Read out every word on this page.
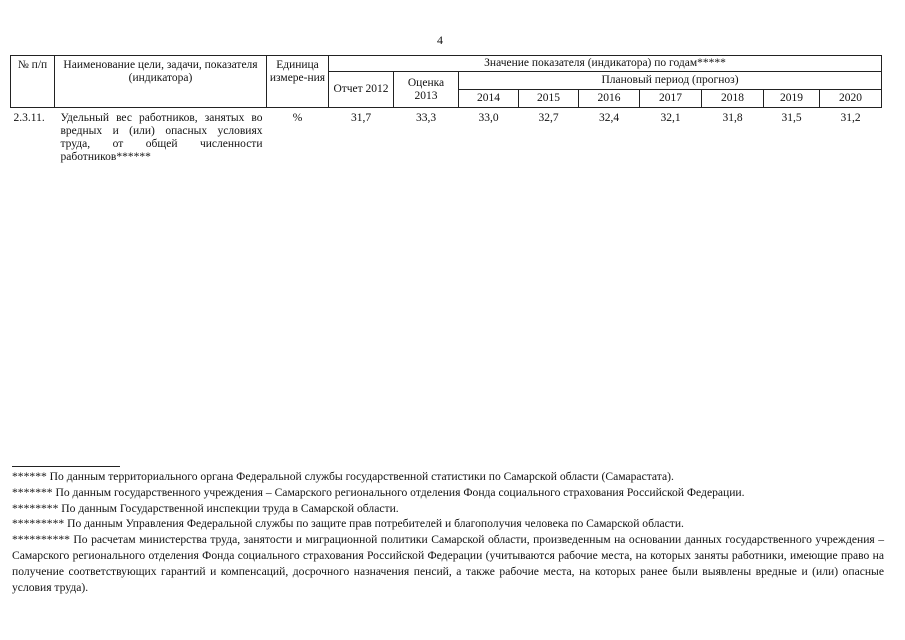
4
№ п/п	Наименование цели, задачи, показателя (индикатора)	Единица измере-ния	Значение показателя (индикатора) по годам*****								
			Отчет 2012	Оценка 2013	Плановый период (прогноз)						
					2014	2015	2016	2017	2018	2019	2020
2.3.11.	Удельный вес работников, занятых во вредных и (или) опасных условиях труда, от общей численности работников******	%	31,7	33,3	33,0	32,7	32,4	32,1	31,8	31,5	31,2

****** По данным территориального органа Федеральной службы государственной статистики по Самарской области (Самарастата).

******* По данным государственного учреждения – Самарского регионального отделения Фонда социального страхования Российской Федерации.

******** По данным Государственной инспекции труда в Самарской области.

********* По данным Управления Федеральной службы по защите прав потребителей и благополучия человека по Самарской области.

********** По расчетам министерства труда, занятости и миграционной политики Самарской области, произведенным на основании данных государственного учреждения – Самарского регионального отделения Фонда социального страхования Российской Федерации (учитываются рабочие места, на которых заняты работники, имеющие право на получение соответствующих гарантий и компенсаций, досрочного назначения пенсий, а также рабочие места, на которых ранее были выявлены вредные и (или) опасные условия труда).
